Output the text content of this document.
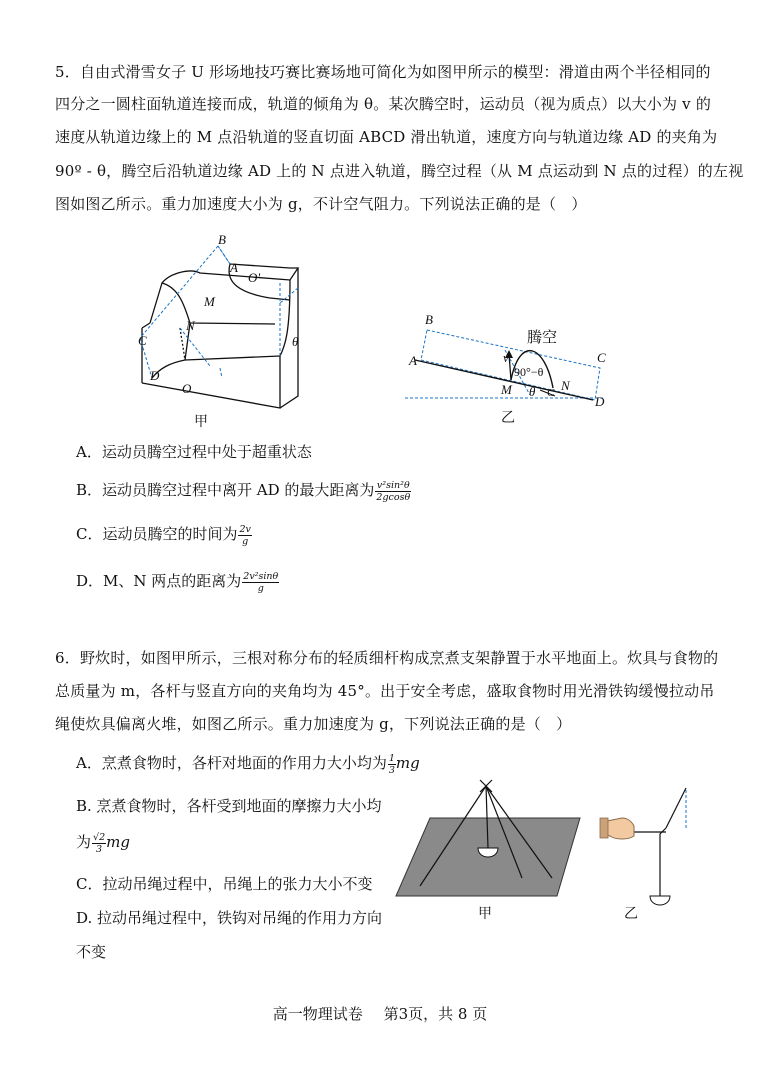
5．自由式滑雪女子 U 形场地技巧赛比赛场地可简化为如图甲所示的模型：滑道由两个半径相同的
四分之一圆柱面轨道连接而成，轨道的倾角为 θ。某次腾空时，运动员（视为质点）以大小为 v 的
速度从轨道边缘上的 M 点沿轨道的竖直切面 ABCD 滑出轨道，速度方向与轨道边缘 AD 的夹角为
90º - θ，腾空后沿轨道边缘 AD 上的 N 点进入轨道，腾空过程（从 M 点运动到 N 点的过程）的左视
图如图乙所示。重力加速度大小为 g，不计空气阻力。下列说法正确的是（　）
B
A
O'
M
N
C
D
O
θ
甲
B
A	C
D
v
M	N
θ C
90°−θ
腾空
乙
A．运动员腾空过程中处于超重状态
B．运动员腾空过程中离开 AD 的最大距离为 $\frac{\text{v²sin²θ}}{2gcos\theta}$
C．运动员腾空的时间为 $\frac{2v}{g}$
D．M、N 两点的距离为 $\frac{\text{2v²sinθ}}{g}$
6．野炊时，如图甲所示，三根对称分布的轻质细杆构成烹煮支架静置于水平地面上。炊具与食物的
总质量为 m，各杆与竖直方向的夹角均为 45°。出于安全考虑，盛取食物时用光滑铁钩缓慢拉动吊
绳使炊具偏离火堆，如图乙所示。重力加速度为 g，下列说法正确的是（　）
A．烹煮食物时，各杆对地面的作用力大小均为 $\frac{1}{3}$ mg
B. 烹煮食物时，各杆受到地面的摩擦力大小均
为 $\frac{√2}{3}$ mg
C．拉动吊绳过程中，吊绳上的张力大小不变
D. 拉动吊绳过程中，铁钩对吊绳的作用力方向
不变
甲	乙
高一物理试卷 第3页，共 8 页
